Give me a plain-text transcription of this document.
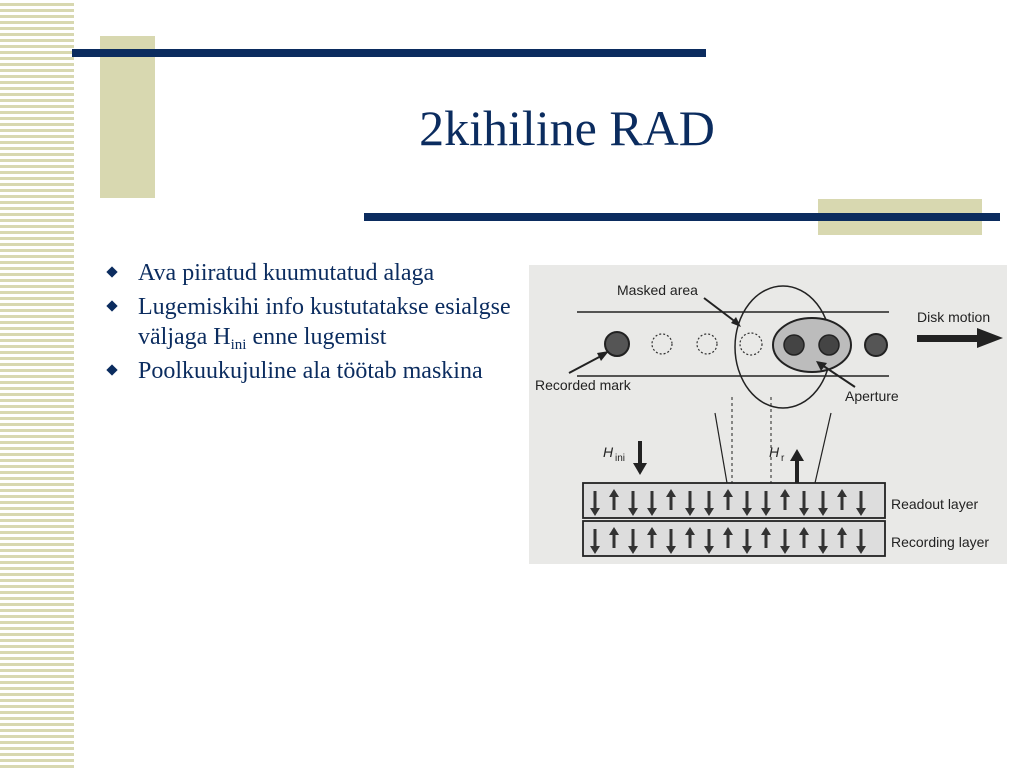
2kihiline RAD
Ava piiratud kuumutatud alaga
Lugemiskihi info kustutatakse esialgse väljaga $H_{ini}$ enne lugemist
Poolkuukujuline ala töötab maskina
Masked area
Disk motion
Recorded mark
Aperture
H ini	H r
Readout layer
Recording layer
